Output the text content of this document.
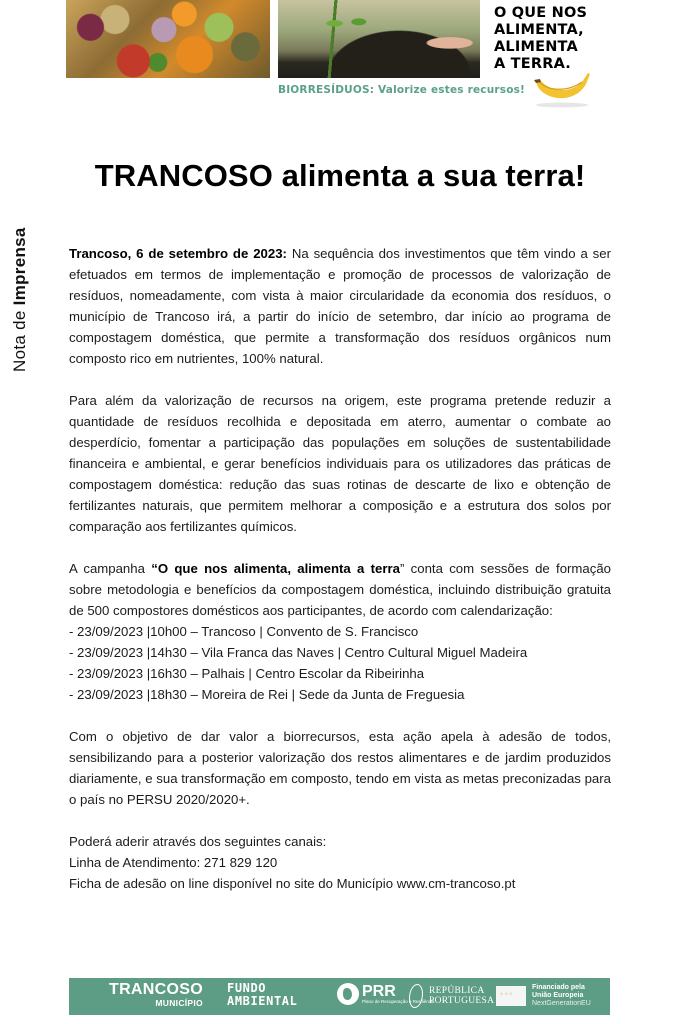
O QUE NOS
ALIMENTA,
ALIMENTA
A TERRA.
BIORRESÍDUOS: Valorize estes recursos!
Nota de Imprensa
TRANCOSO alimenta a sua terra!

Trancoso, 6 de setembro de 2023: Na sequência dos investimentos que têm vindo a ser efetuados em termos de implementação e promoção de processos de valorização de resíduos, nomeadamente, com vista à maior circularidade da economia dos resíduos, o município de Trancoso irá, a partir do início de setembro, dar início ao programa de compostagem doméstica, que permite a transformação dos resíduos orgânicos num composto rico em nutrientes, 100% natural.

Para além da valorização de recursos na origem, este programa pretende reduzir a quantidade de resíduos recolhida e depositada em aterro, aumentar o combate ao desperdício, fomentar a participação das populações em soluções de sustentabilidade financeira e ambiental, e gerar benefícios individuais para os utilizadores das práticas de compostagem doméstica: redução das suas rotinas de descarte de lixo e obtenção de fertilizantes naturais, que permitem melhorar a composição e a estrutura dos solos por comparação aos fertilizantes químicos.

A campanha “O que nos alimenta, alimenta a terra” conta com sessões de formação sobre metodologia e benefícios da compostagem doméstica, incluindo distribuição gratuita de 500 compostores domésticos aos participantes, de acordo com calendarização:

- 23/09/2023 |10h00 – Trancoso | Convento de S. Francisco
- 23/09/2023 |14h30 – Vila Franca das Naves | Centro Cultural Miguel Madeira
- 23/09/2023 |16h30 – Palhais | Centro Escolar da Ribeirinha
- 23/09/2023 |18h30 – Moreira de Rei | Sede da Junta de Freguesia

Com o objetivo de dar valor a biorrecursos, esta ação apela à adesão de todos, sensibilizando para a posterior valorização dos restos alimentares e de jardim produzidos diariamente, e sua transformação em composto, tendo em vista as metas preconizadas para o país no PERSU 2020/2020+.

Poderá aderir através dos seguintes canais:
Linha de Atendimento: 271 829 120
Ficha de adesão on line disponível no site do Município www.cm-trancoso.pt
TRANCOSO
MUNICÍPIO
FUNDO
AMBIENTAL
PRR
Plano de Recuperação e Resiliência
REPÚBLICA
PORTUGUESA
✧ ✧ ✧
Financiado pela
União Europeia
NextGenerationEU
